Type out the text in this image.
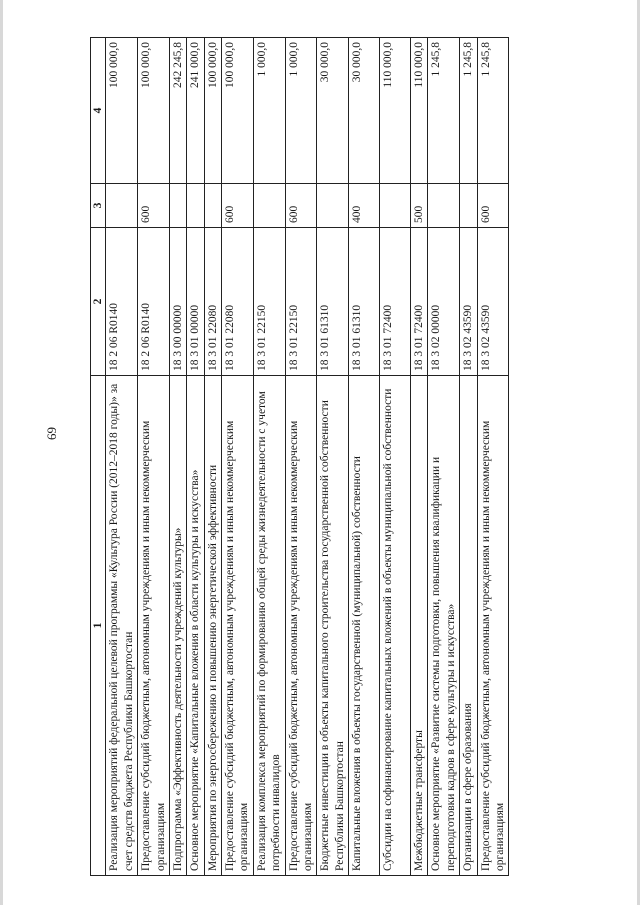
69
1	2	3	4
Реализация мероприятий федеральной целевой программы «Культура России (2012–2018 годы)» за счет средств бюджета Республики Башкортостан	18 2 06 R0140		100 000,0
Предоставление субсидий бюджетным, автономным учреждениям и иным некоммерческим организациям	18 2 06 R0140	600	100 000,0
Подпрограмма «Эффективность деятельности учреждений культуры»	18 3 00 00000		242 245,8
Основное мероприятие «Капитальные вложения в области культуры и искусства»	18 3 01 00000		241 000,0
Мероприятия по энергосбережению и повышению энергетической эффективности	18 3 01 22080		100 000,0
Предоставление субсидий бюджетным, автономным учреждениям и иным некоммерческим организациям	18 3 01 22080	600	100 000,0
Реализация комплекса мероприятий по формированию общей среды жизнедеятельности с учетом потребности инвалидов	18 3 01 22150		1 000,0
Предоставление субсидий бюджетным, автономным учреждениям и иным некоммерческим организациям	18 3 01 22150	600	1 000,0
Бюджетные инвестиции в объекты капитального строительства государственной собственности Республики Башкортостан	18 3 01 61310		30 000,0
Капитальные вложения в объекты государственной (муниципальной) собственности	18 3 01 61310	400	30 000,0
Субсидии на софинансирование капитальных вложений в объекты муниципальной собственности	18 3 01 72400		110 000,0
Межбюджетные трансферты	18 3 01 72400	500	110 000,0
Основное мероприятие «Развитие системы подготовки, повышения квалификации и переподготовки кадров в сфере культуры и искусства»	18 3 02 00000		1 245,8
Организации в сфере образования	18 3 02 43590		1 245,8
Предоставление субсидий бюджетным, автономным учреждениям и иным некоммерческим организациям	18 3 02 43590	600	1 245,8
